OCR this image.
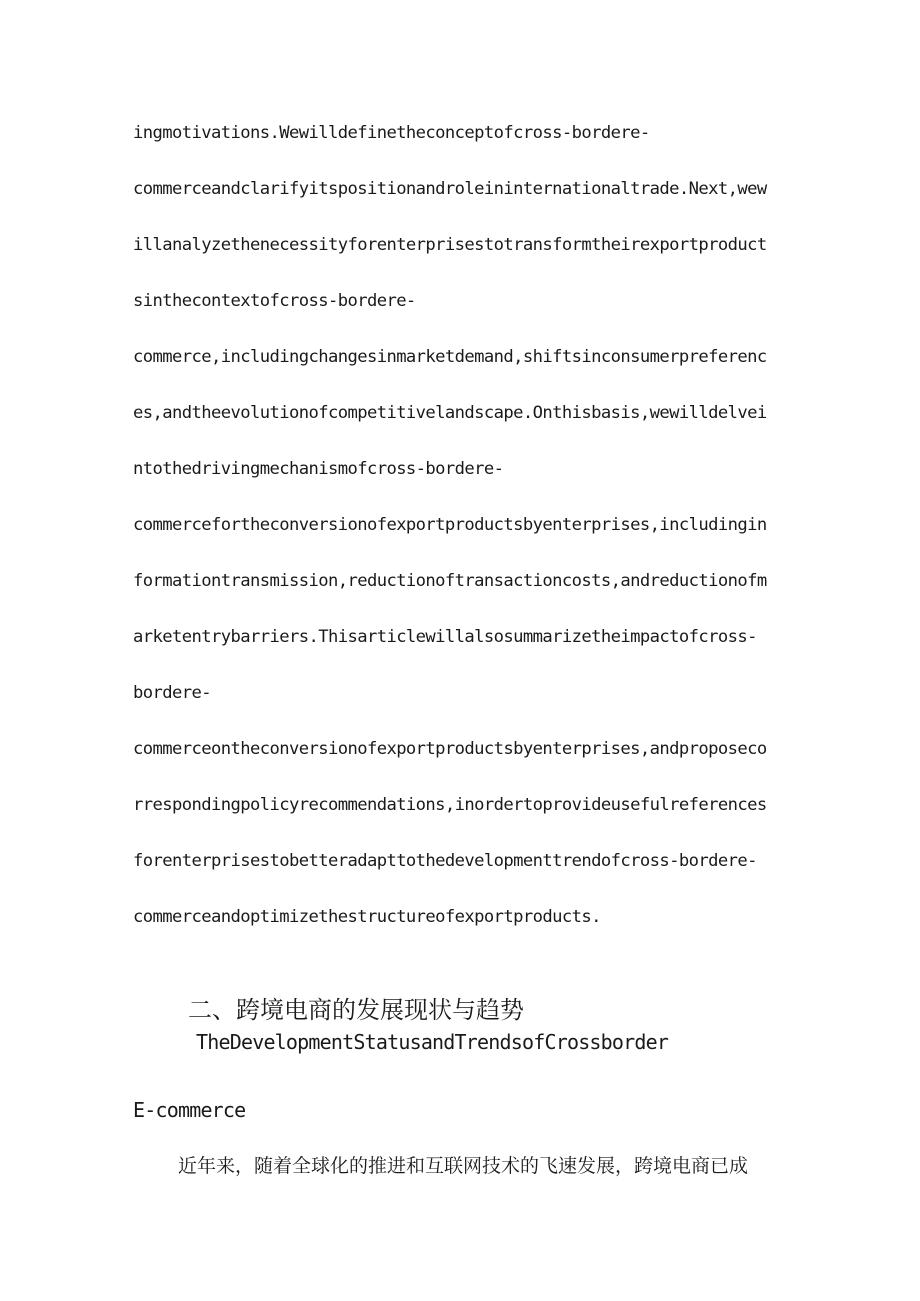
ingmotivations.Wewilldefinetheconceptofcross-bordere-
commerceandclarifyitspositionandroleininternationaltrade.Next,wew
illanalyzethenecessityforenterprisestotransformtheirexportproduct
sinthecontextofcross-bordere-
commerce,includingchangesinmarketdemand,shiftsinconsumerpreferenc
es,andtheevolutionofcompetitivelandscape.Onthisbasis,wewilldelvei
ntothedrivingmechanismofcross-bordere-
commercefortheconversionofexportproductsbyenterprises,includingin
formationtransmission,reductionoftransactioncosts,andreductionofm
arketentrybarriers.Thisarticlewillalsosummarizetheimpactofcross-
bordere-
commerceontheconversionofexportproductsbyenterprises,andproposeco
rrespondingpolicyrecommendations,inordertoprovideusefulreferences
forenterprisestobetteradapttothedevelopmenttrendofcross-bordere-
commerceandoptimizethestructureofexportproducts.
二、跨境电商的发展现状与趋势
TheDevelopmentStatusandTrendsofCrossborder
E-commerce
近年来，随着全球化的推进和互联网技术的飞速发展，跨境电商已成
